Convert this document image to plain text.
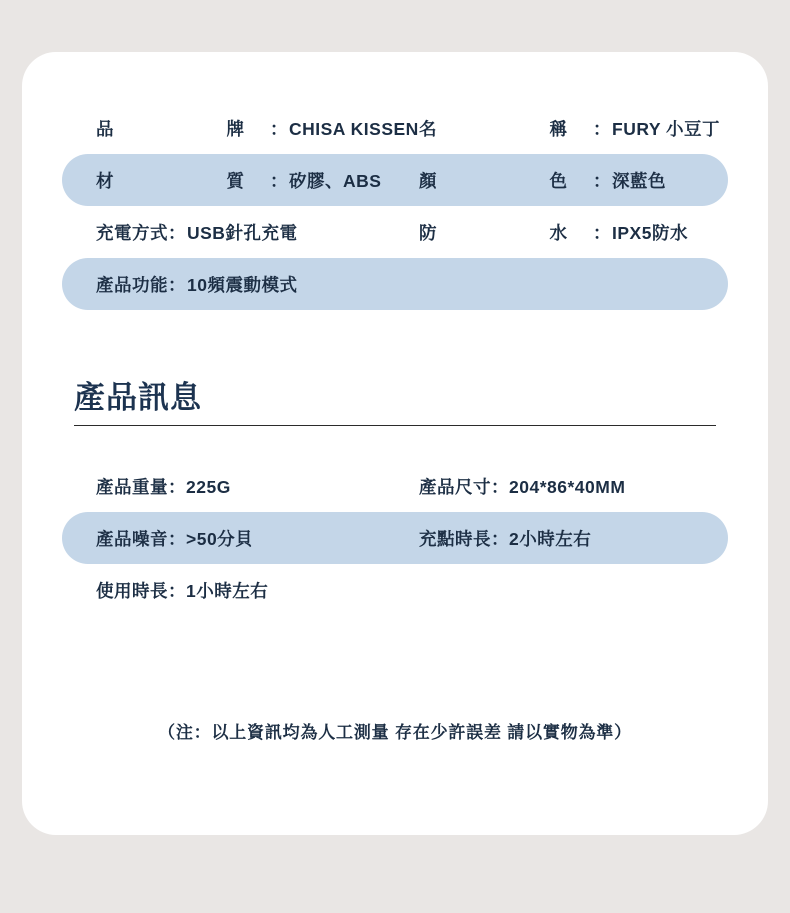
品　　牌 ： CHISA KISSEN 名　　稱 ： FURY 小豆丁
材　　質 ： 矽膠、ABS 顏　　色 ： 深藍色
充電方式 ： USB針孔充電	防　　水 ： IPX5防水
產品功能 ： 10頻震動模式
產品訊息
產品重量：225G	產品尺寸：204*86*40MM
產品噪音：>50分貝	充點時長：2小時左右
使用時長：1小時左右
（注：以上資訊均為人工測量 存在少許誤差 請以實物為準）
